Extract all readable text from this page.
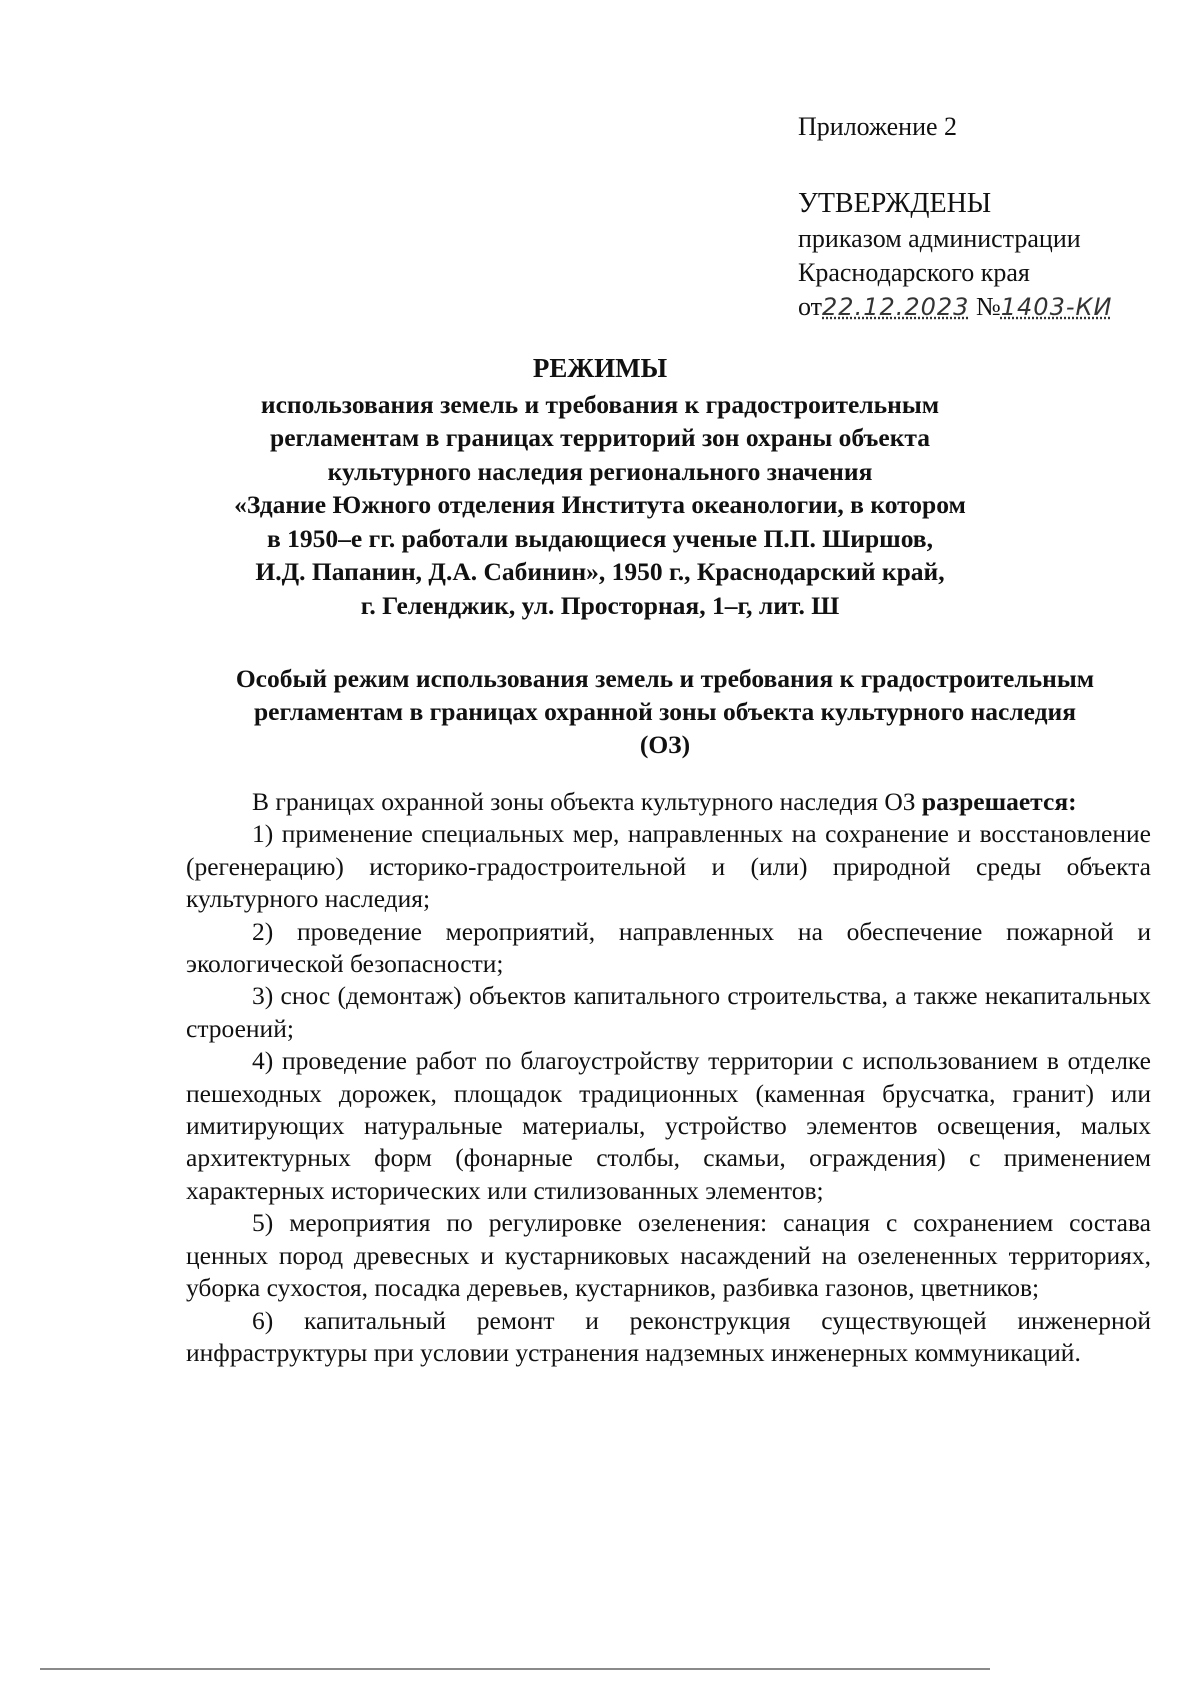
Приложение 2
УТВЕРЖДЕНЫ
приказом администрации
Краснодарского края
от22.12.2023 №1403-КИ
РЕЖИМЫ
использования земель и требования к градостроительным
регламентам в границах территорий зон охраны объекта
культурного наследия регионального значения
«Здание Южного отделения Института океанологии, в котором
в 1950–е гг. работали выдающиеся ученые П.П. Ширшов,
И.Д. Папанин, Д.А. Сабинин», 1950 г., Краснодарский край,
г. Геленджик, ул. Просторная, 1–г, лит. Ш
Особый режим использования земель и требования к градостроительным
регламентам в границах охранной зоны объекта культурного наследия
(ОЗ)

В границах охранной зоны объекта культурного наследия ОЗ разрешается:

1) применение специальных мер, направленных на сохранение и восстановление (регенерацию) историко-градостроительной и (или) природной среды объекта культурного наследия;

2) проведение мероприятий, направленных на обеспечение пожарной и экологической безопасности;

3) снос (демонтаж) объектов капитального строительства, а также некапитальных строений;

4) проведение работ по благоустройству территории с использованием в отделке пешеходных дорожек, площадок традиционных (каменная брусчатка, гранит) или имитирующих натуральные материалы, устройство элементов освещения, малых архитектурных форм (фонарные столбы, скамьи, ограждения) с применением характерных исторических или стилизованных элементов;

5) мероприятия по регулировке озеленения: санация с сохранением состава ценных пород древесных и кустарниковых насаждений на озелененных территориях, уборка сухостоя, посадка деревьев, кустарников, разбивка газонов, цветников;

6) капитальный ремонт и реконструкция существующей инженерной инфраструктуры при условии устранения надземных инженерных коммуникаций.
